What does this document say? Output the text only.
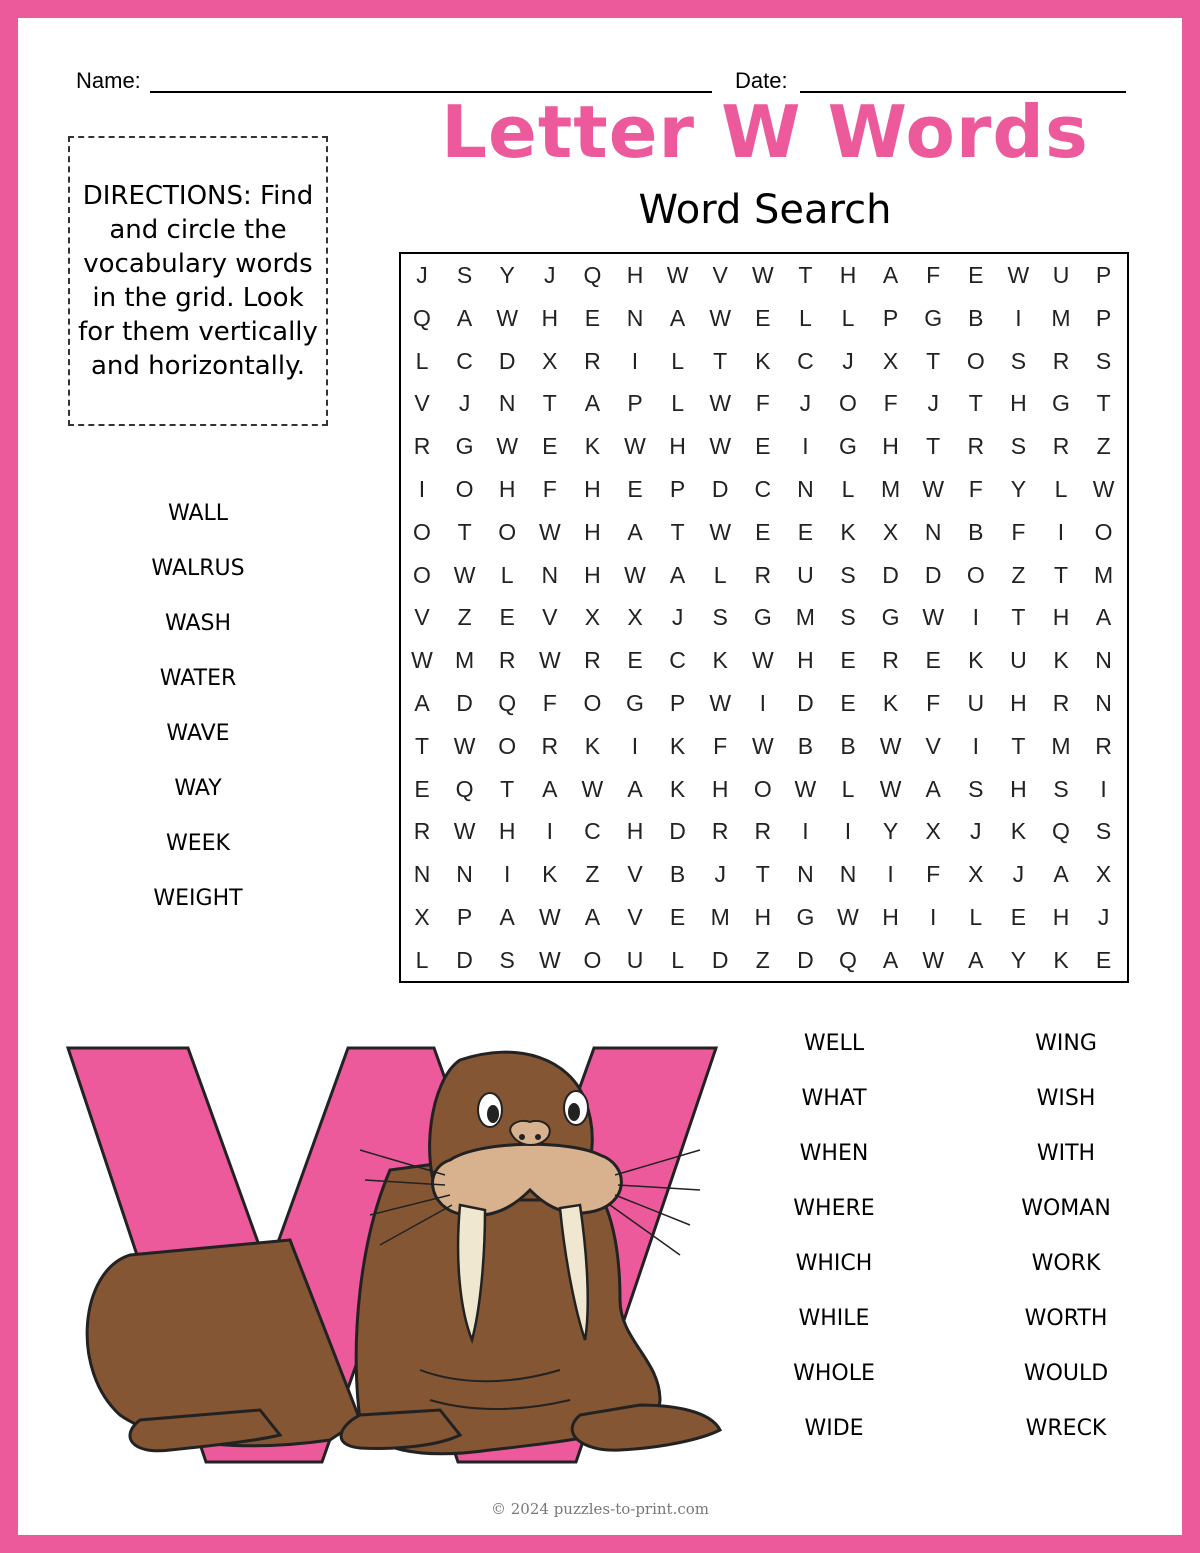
Name:	Date:
Letter W Words
Word Search
DIRECTIONS: Find and circle the vocabulary words in the grid. Look for them vertically and horizontally.
J	S	Y	J	Q	H	W	V	W	T	H	A	F	E	W	U	P
Q	A	W	H	E	N	A	W	E	L	L	P	G	B	I	M	P
L	C	D	X	R	I	L	T	K	C	J	X	T	O	S	R	S
V	J	N	T	A	P	L	W	F	J	O	F	J	T	H	G	T
R	G W	E	K	W	H	W	E	I	G	H	T	R	S	R	Z
I	O	H	F	H	E	P	D	C	N	L	M W	F	Y	L	W
O	T	O W	H	A	T	W	E	E	K	X	N	B	F	I	O
O W	L	N	H	W	A	L	R	U	S	D	D	O	Z	T	M
V	Z	E	V	X	X	J	S	G	M	S	G W	I	T	H	A
W M	R	W	R	E	C	K	W	H	E	R	E	K	U	K	N
A	D	Q	F	O	G	P	W	I	D	E	K	F	U	H	R	N
T	W O	R	K	I	K	F	W	B	B	W	V	I	T	M	R
E	Q	T	A	W	A	K	H	O W	L	W	A	S	H	S	I
R	W	H	I	C	H	D	R	R	I	I	Y	X	J	K	Q	S
N	N	I	K	Z	V	B	J	T	N	N	I	F	X	J	A	X
X	P	A	W	A	V	E	M	H	G W	H	I	L	E	H	J
L	D	S	W O	U	L	D	Z	D	Q	A	W	A	Y	K	E
WALL
WALRUS
WASH
WATER
WAVE
WAY
WEEK
WEIGHT
WELL
WHAT
WHEN
WHERE
WHICH
WHILE
WHOLE
WIDE
WING
WISH
WITH
WOMAN
WORK
WORTH
WOULD
WRECK
© 2024 puzzles-to-print.com
